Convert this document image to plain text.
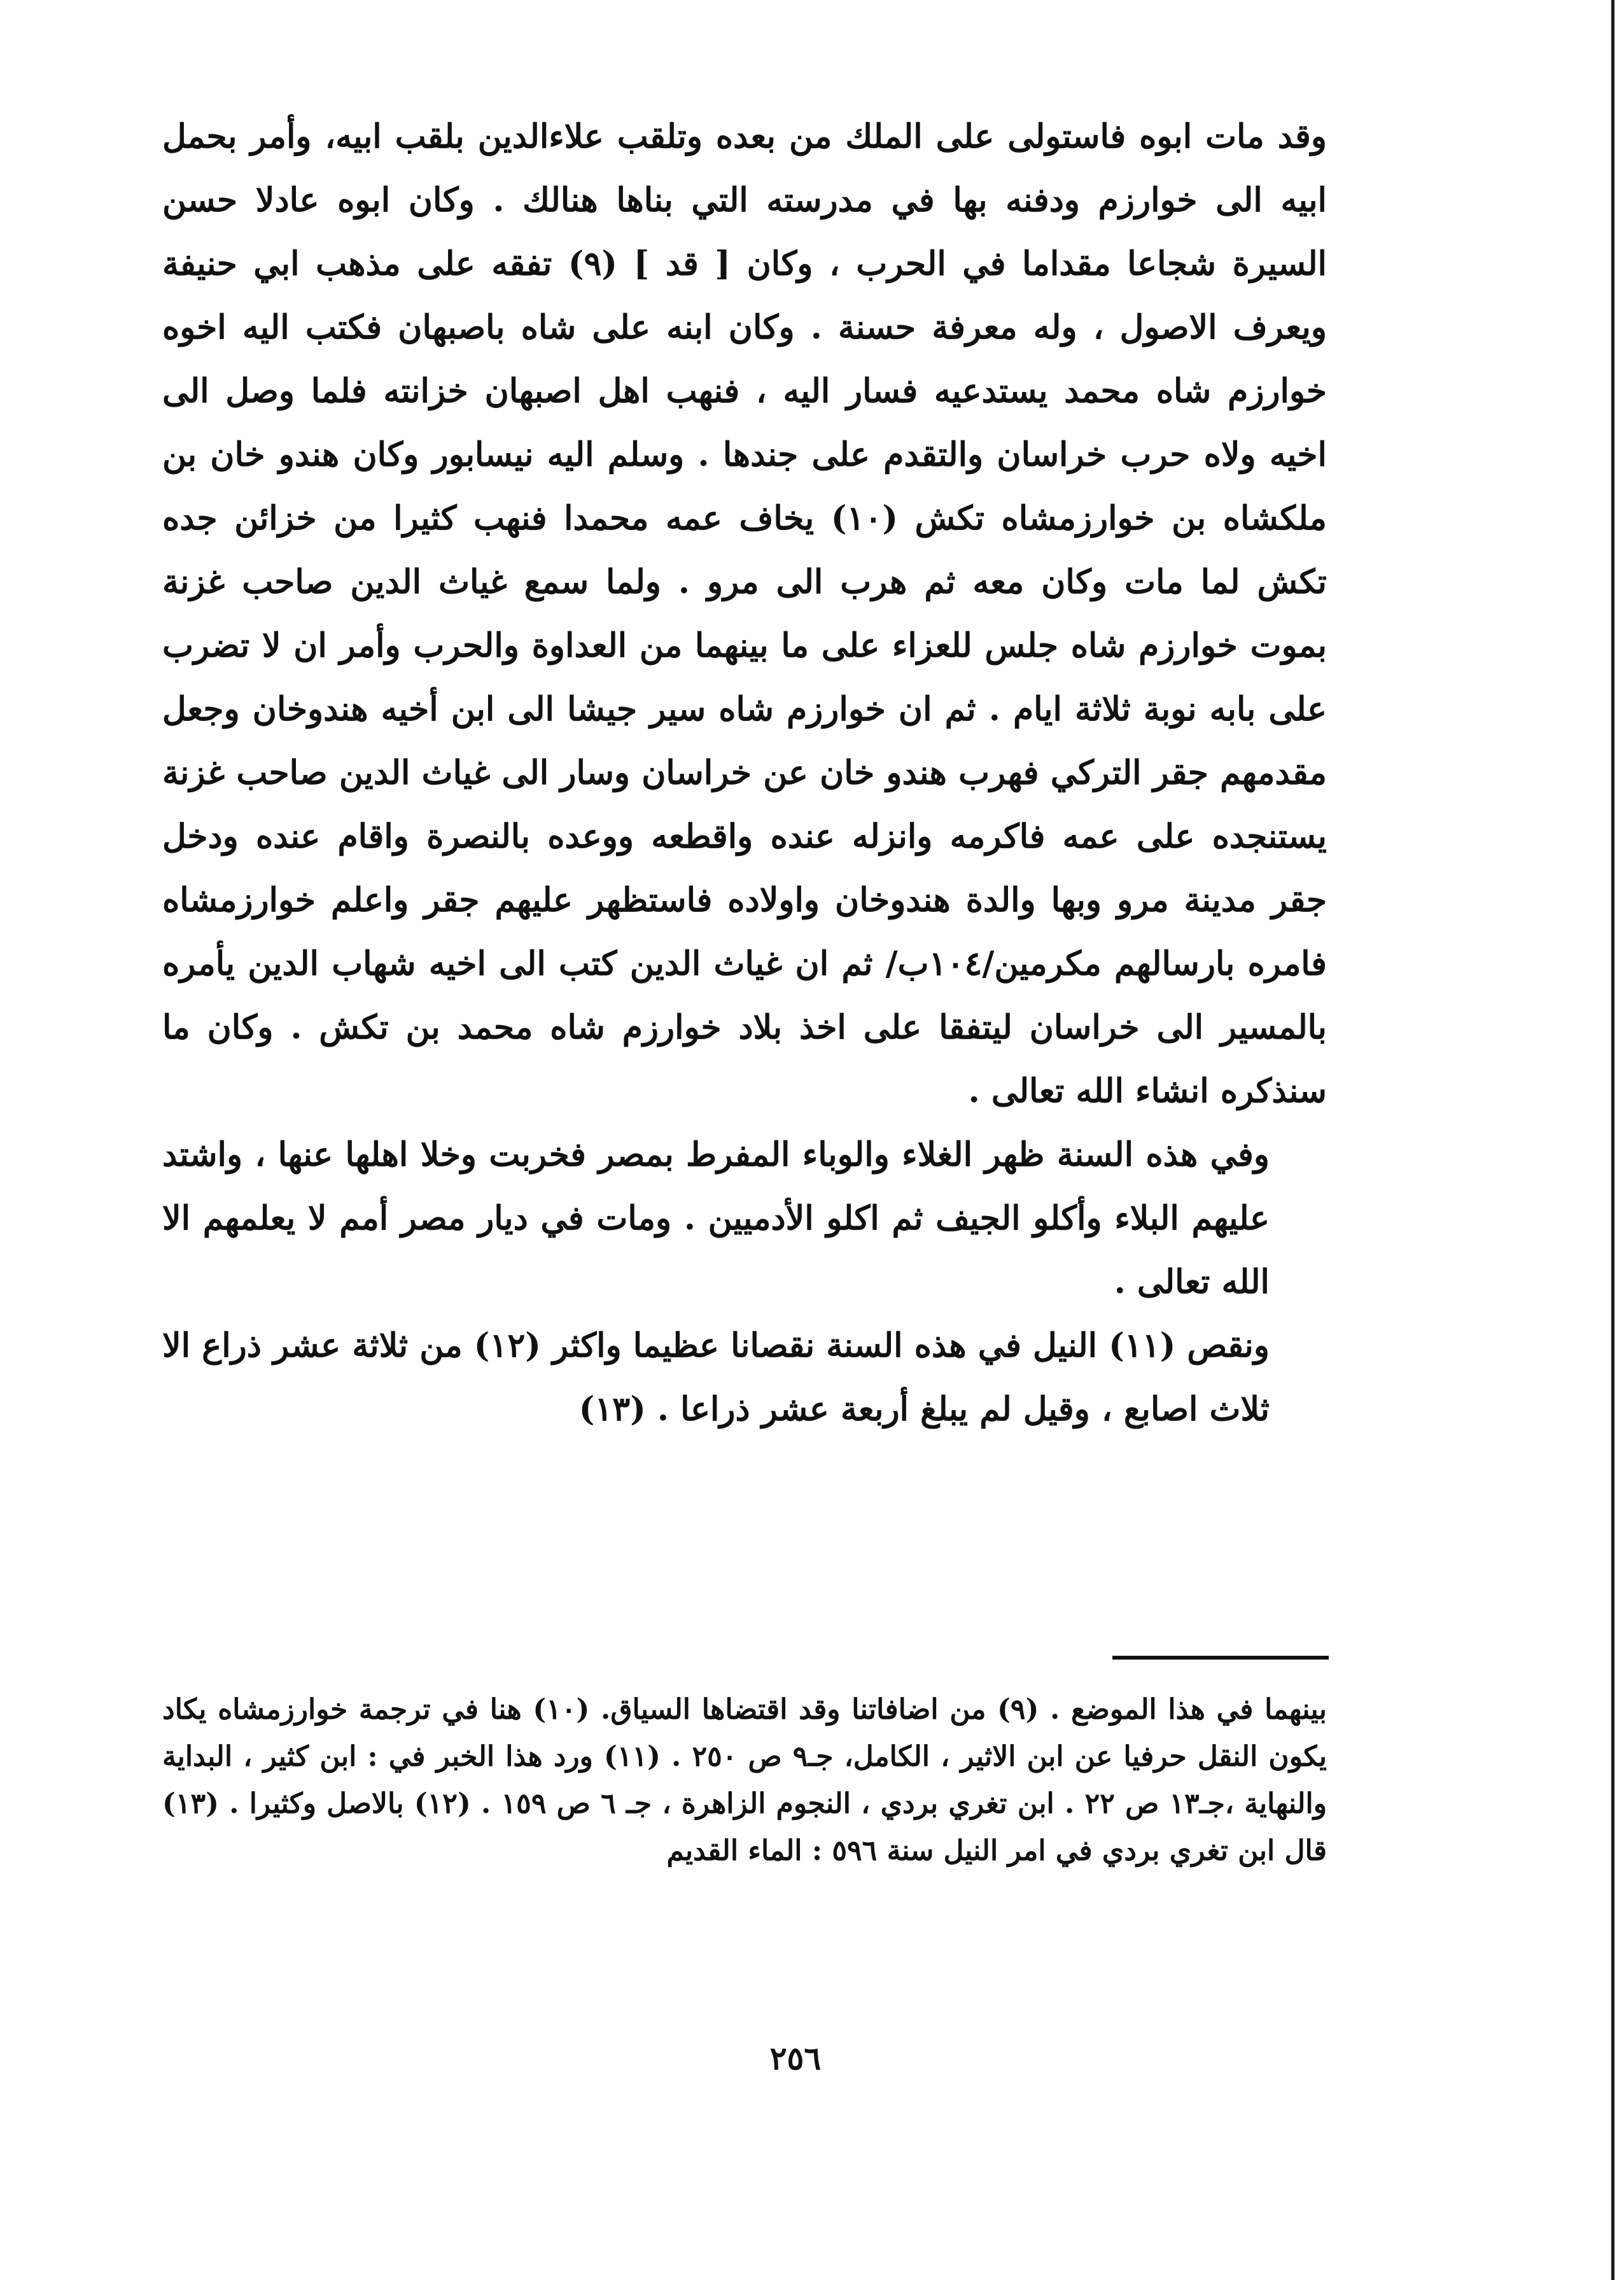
وقد مات ابوه فاستولى على الملك من بعده وتلقب علاءالدين بلقب ابيه، وأمر بحمل ابيه الى خوارزم ودفنه بها في مدرسته التي بناها هنالك . وكان ابوه عادلا حسن السيرة شجاعا مقداما في الحرب ، وكان [ قد ] (٩) تفقه على مذهب ابي حنيفة ويعرف الاصول ، وله معرفة حسنة . وكان ابنه على شاه باصبهان فكتب اليه اخوه خوارزم شاه محمد يستدعيه فسار اليه ، فنهب اهل اصبهان خزانته فلما وصل الى اخيه ولاه حرب خراسان والتقدم على جندها . وسلم اليه نيسابور وكان هندو خان بن ملكشاه بن خوارزمشاه تكش (١٠) يخاف عمه محمدا فنهب كثيرا من خزائن جده تكش لما مات وكان معه ثم هرب الى مرو . ولما سمع غياث الدين صاحب غزنة بموت خوارزم شاه جلس للعزاء على ما بينهما من العداوة والحرب وأمر ان لا تضرب على بابه نوبة ثلاثة ايام . ثم ان خوارزم شاه سير جيشا الى ابن أخيه هندوخان وجعل مقدمهم جقر التركي فهرب هندو خان عن خراسان وسار الى غياث الدين صاحب غزنة يستنجده على عمه فاكرمه وانزله عنده واقطعه ووعده بالنصرة واقام عنده ودخل جقر مدينة مرو وبها والدة هندوخان واولاده فاستظهر عليهم جقر واعلم خوارزمشاه فامره بارسالهم مكرمين/١٠٤ب/ ثم ان غياث الدين كتب الى اخيه شهاب الدين يأمره بالمسير الى خراسان ليتفقا على اخذ بلاد خوارزم شاه محمد بن تكش . وكان ما سنذكره انشاء الله تعالى .

وفي هذه السنة ظهر الغلاء والوباء المفرط بمصر فخربت وخلا اهلها عنها ، واشتد عليهم البلاء وأكلو الجيف ثم اكلو الأدميين . ومات في ديار مصر أمم لا يعلمهم الا الله تعالى .

ونقص (١١) النيل في هذه السنة نقصانا عظيما واكثر (١٢) من ثلاثة عشر ذراع الا ثلاث اصابع ، وقيل لم يبلغ أربعة عشر ذراعا . (١٣)

بينهما في هذا الموضع . (٩) من اضافاتنا وقد اقتضاها السياق. (١٠) هنا في ترجمة خوارزمشاه يكاد يكون النقل حرفيا عن ابن الاثير ، الكامل، جـ٩ ص ٢٥٠ . (١١) ورد هذا الخبر في : ابن كثير ، البداية والنهاية ،جـ١٣ ص ٢٢ . ابن تغري بردي ، النجوم الزاهرة ، جـ ٦ ص ١٥٩ . (١٢) بالاصل وكثيرا . (١٣) قال ابن تغري بردي في امر النيل سنة ٥٩٦ : الماء القديم

٢٥٦
